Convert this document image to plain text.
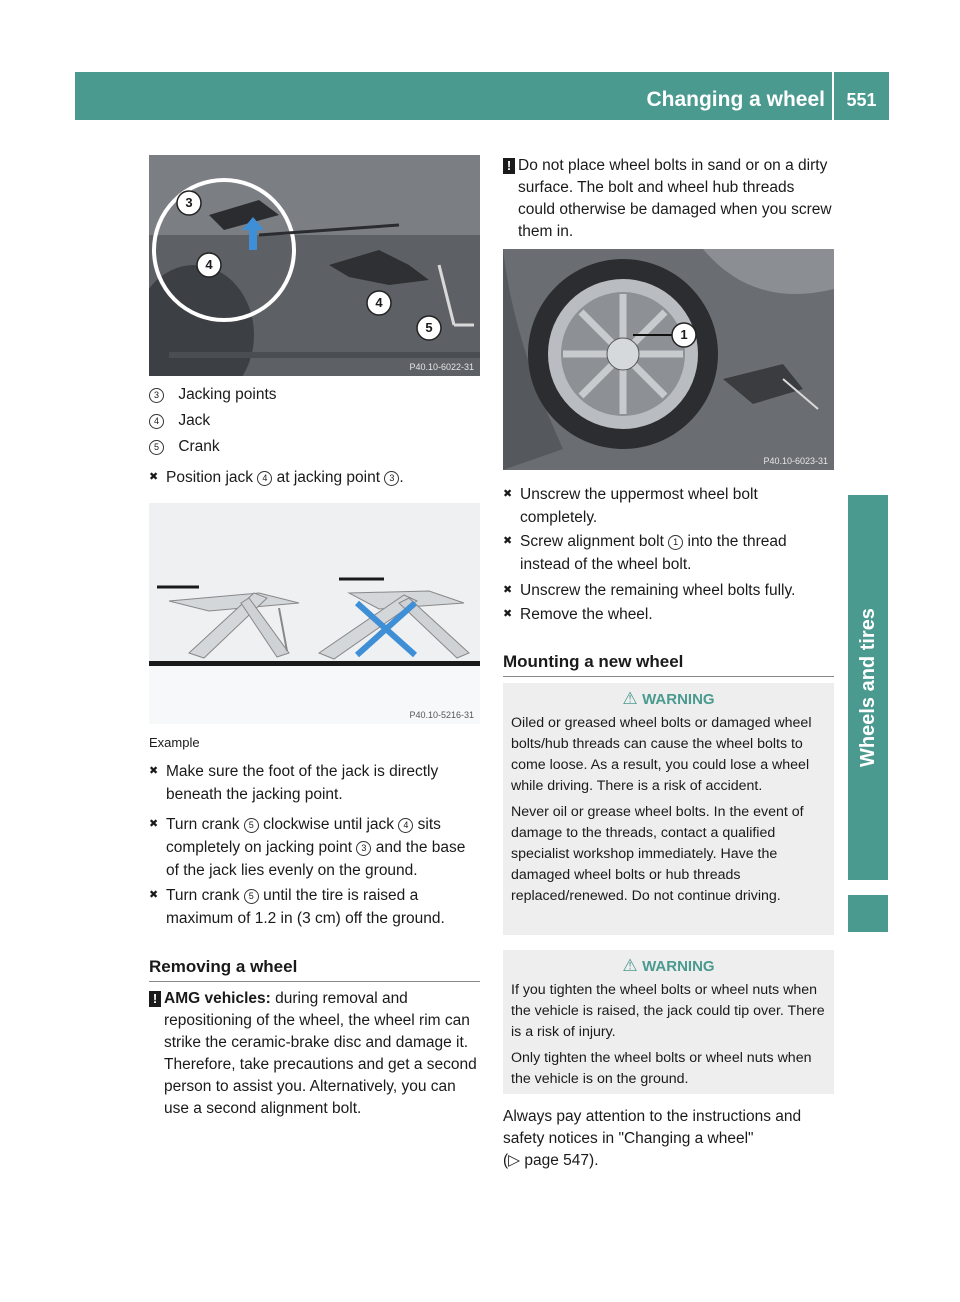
Changing a wheel	551
Wheels and tires
3
4
4
5
P40.10-6022-31
3 Jacking points
4 Jack
5 Crank
✖ Position jack 4 at jacking point 3 .
P40.10-5216-31
Example
✖ Make sure the foot of the jack is directly beneath the jacking point.
✖ Turn crank 5 clockwise until jack 4 sits completely on jacking point 3 and the base of the jack lies evenly on the ground.
✖ Turn crank 5 until the tire is raised a maximum of 1.2 in (3 cm) off the ground.
Removing a wheel
! AMG vehicles: during removal and repositioning of the wheel, the wheel rim can strike the ceramic-brake disc and damage it. Therefore, take precautions and get a second person to assist you. Alternatively, you can use a second alignment bolt.
! Do not place wheel bolts in sand or on a dirty surface. The bolt and wheel hub threads could otherwise be damaged when you screw them in.
1
P40.10-6023-31
✖ Unscrew the uppermost wheel bolt completely.
✖ Screw alignment bolt 1 into the thread instead of the wheel bolt.
✖ Unscrew the remaining wheel bolts fully.
✖ Remove the wheel.
Mounting a new wheel
⚠ WARNING

Oiled or greased wheel bolts or damaged wheel bolts/hub threads can cause the wheel bolts to come loose. As a result, you could lose a wheel while driving. There is a risk of accident.

Never oil or grease wheel bolts. In the event of damage to the threads, contact a qualified specialist workshop immediately. Have the damaged wheel bolts or hub threads replaced/renewed. Do not continue driving.

⚠ WARNING

If you tighten the wheel bolts or wheel nuts when the vehicle is raised, the jack could tip over. There is a risk of injury.

Only tighten the wheel bolts or wheel nuts when the vehicle is on the ground.

Always pay attention to the instructions and safety notices in "Changing a wheel"
(▷ page 547).
